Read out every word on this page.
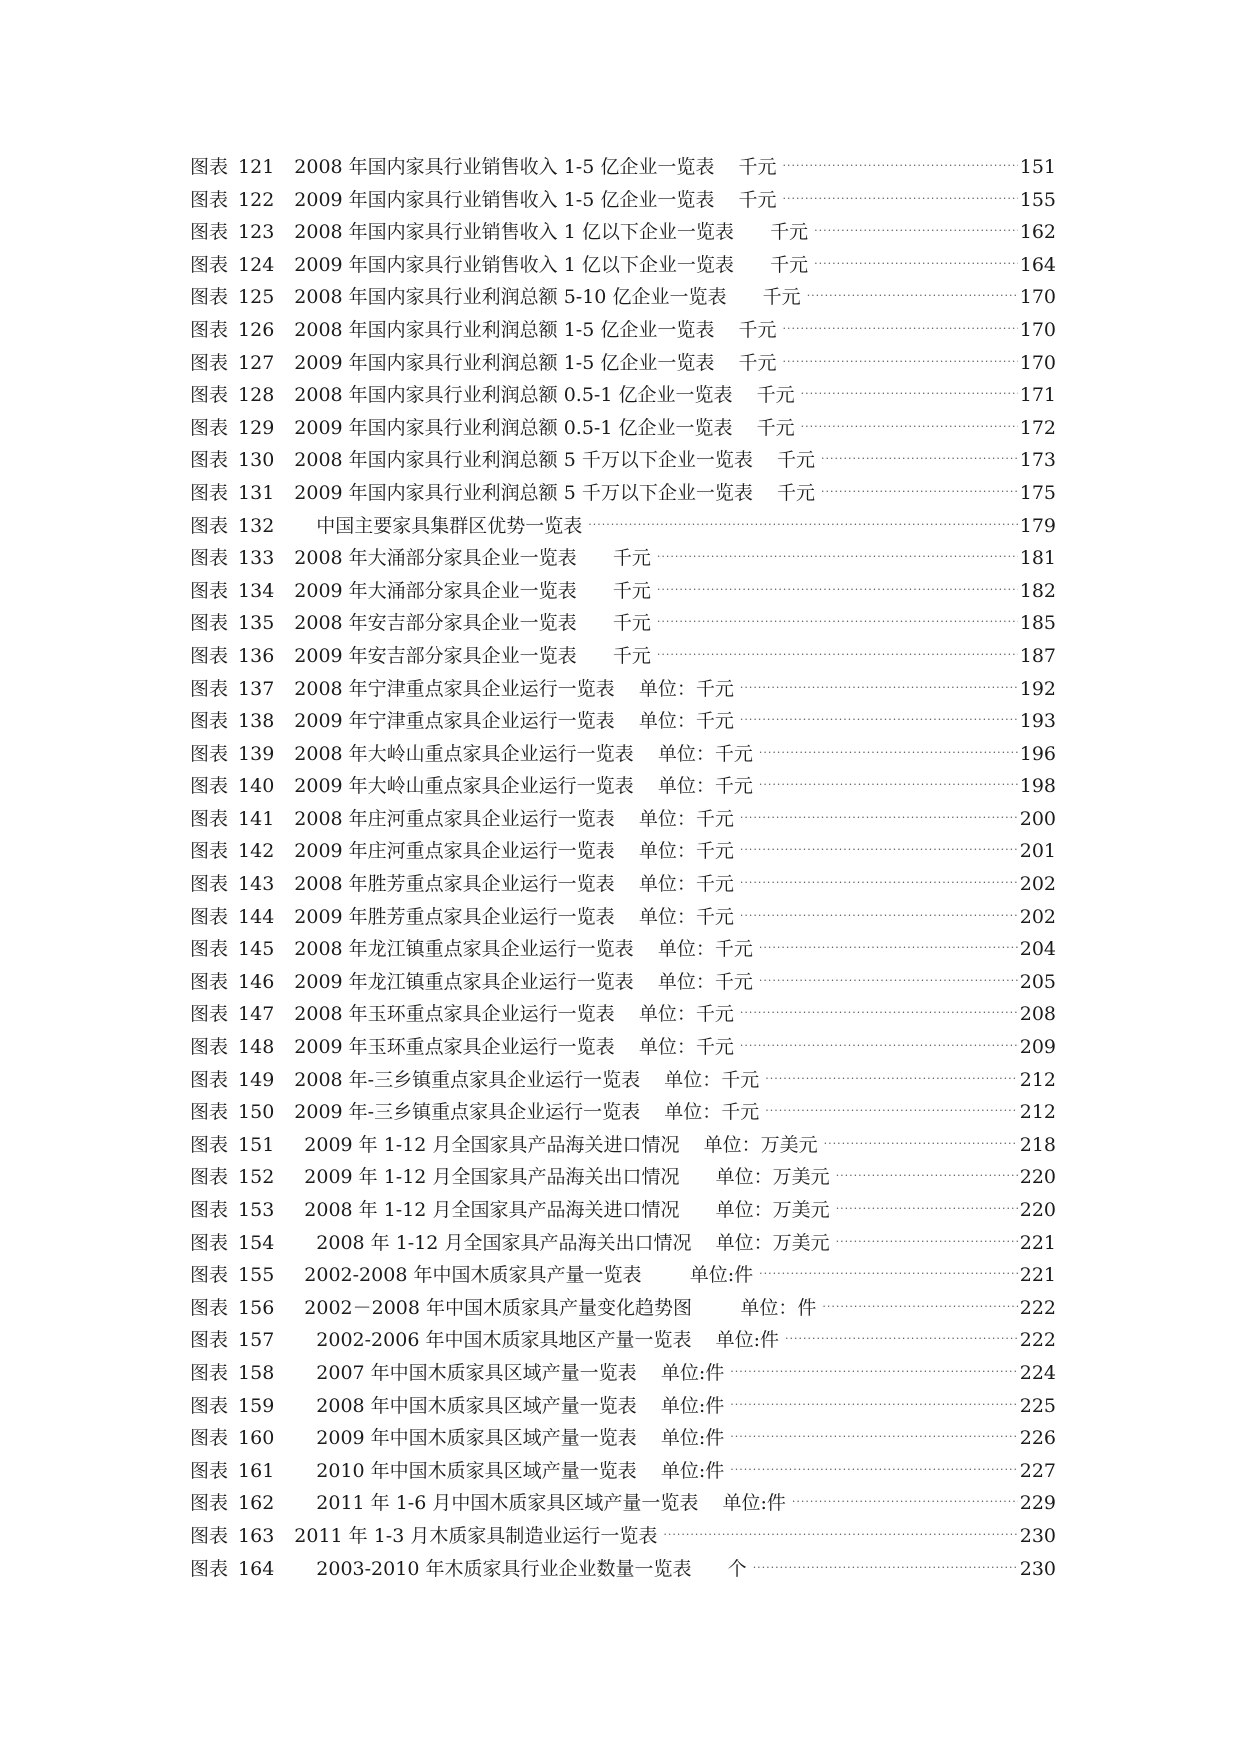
图表 121 2008 年国内家具行业销售收入 1-5 亿企业一览表    千元 ·····	151
图表 122 2009 年国内家具行业销售收入 1-5 亿企业一览表    千元 ·····	155
图表 123 2008 年国内家具行业销售收入 1 亿以下企业一览表      千元 ·····	162
图表 124 2009 年国内家具行业销售收入 1 亿以下企业一览表      千元 ·····	164
图表 125 2008 年国内家具行业利润总额 5-10 亿企业一览表      千元 ·····	170
图表 126 2008 年国内家具行业利润总额 1-5 亿企业一览表    千元 ·····	170
图表 127 2009 年国内家具行业利润总额 1-5 亿企业一览表    千元 ·····	170
图表 128 2008 年国内家具行业利润总额 0.5-1 亿企业一览表    千元 ·····	171
图表 129 2009 年国内家具行业利润总额 0.5-1 亿企业一览表    千元 ·····	172
图表 130 2008 年国内家具行业利润总额 5 千万以下企业一览表    千元 ·····	173
图表 131 2009 年国内家具行业利润总额 5 千万以下企业一览表    千元 ·····	175
图表 132 中国主要家具集群区优势一览表 ·····	179
图表 133 2008 年大涌部分家具企业一览表      千元 ·····	181
图表 134 2009 年大涌部分家具企业一览表      千元 ·····	182
图表 135 2008 年安吉部分家具企业一览表      千元 ·····	185
图表 136 2009 年安吉部分家具企业一览表      千元 ·····	187
图表 137 2008 年宁津重点家具企业运行一览表    单位：千元 ·····	192
图表 138 2009 年宁津重点家具企业运行一览表    单位：千元 ·····	193
图表 139 2008 年大岭山重点家具企业运行一览表    单位：千元 ·····	196
图表 140 2009 年大岭山重点家具企业运行一览表    单位：千元 ·····	198
图表 141 2008 年庄河重点家具企业运行一览表    单位：千元 ·····	200
图表 142 2009 年庄河重点家具企业运行一览表    单位：千元 ·····	201
图表 143 2008 年胜芳重点家具企业运行一览表    单位：千元 ·····	202
图表 144 2009 年胜芳重点家具企业运行一览表    单位：千元 ·····	202
图表 145 2008 年龙江镇重点家具企业运行一览表    单位：千元 ·····	204
图表 146 2009 年龙江镇重点家具企业运行一览表    单位：千元 ·····	205
图表 147 2008 年玉环重点家具企业运行一览表    单位：千元 ·····	208
图表 148 2009 年玉环重点家具企业运行一览表    单位：千元 ·····	209
图表 149 2008 年-三乡镇重点家具企业运行一览表    单位：千元 ·····	212
图表 150 2009 年-三乡镇重点家具企业运行一览表    单位：千元 ·····	212
图表 151 2009 年 1-12 月全国家具产品海关进口情况    单位：万美元 ·····	218
图表 152 2009 年 1-12 月全国家具产品海关出口情况      单位：万美元 ·····	220
图表 153 2008 年 1-12 月全国家具产品海关进口情况      单位：万美元 ·····	220
图表 154 2008 年 1-12 月全国家具产品海关出口情况    单位：万美元 ·····	221
图表 155 2002-2008 年中国木质家具产量一览表        单位:件 ·····	221
图表 156 2002－2008 年中国木质家具产量变化趋势图        单位：件 ·····	222
图表 157 2002-2006 年中国木质家具地区产量一览表    单位:件 ·····	222
图表 158 2007 年中国木质家具区域产量一览表    单位:件 ·····	224
图表 159 2008 年中国木质家具区域产量一览表    单位:件 ·····	225
图表 160 2009 年中国木质家具区域产量一览表    单位:件 ·····	226
图表 161 2010 年中国木质家具区域产量一览表    单位:件 ·····	227
图表 162 2011 年 1-6 月中国木质家具区域产量一览表    单位:件 ·····	229
图表 163 2011 年 1-3 月木质家具制造业运行一览表 ·····	230
图表 164 2003-2010 年木质家具行业企业数量一览表      个 ·····	230
